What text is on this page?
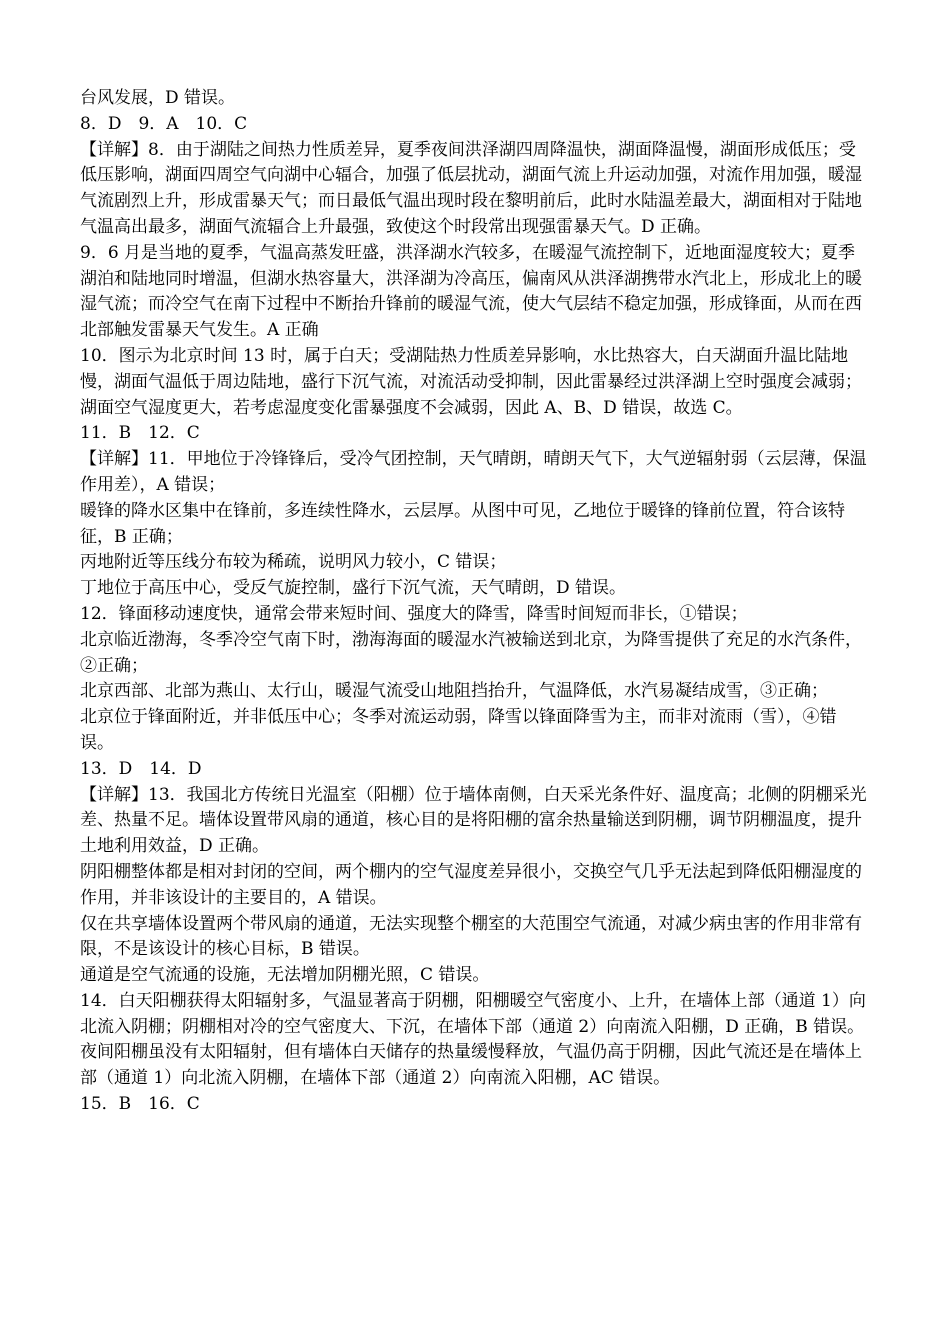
台风发展，D 错误。

8．D　9．A　10．C

【详解】8．由于湖陆之间热力性质差异，夏季夜间洪泽湖四周降温快，湖面降温慢，湖面形成低压；受低压影响，湖面四周空气向湖中心辐合，加强了低层扰动，湖面气流上升运动加强，对流作用加强，暖湿气流剧烈上升，形成雷暴天气；而日最低气温出现时段在黎明前后，此时水陆温差最大，湖面相对于陆地气温高出最多，湖面气流辐合上升最强，致使这个时段常出现强雷暴天气。D 正确。

9．6 月是当地的夏季，气温高蒸发旺盛，洪泽湖水汽较多，在暖湿气流控制下，近地面湿度较大；夏季湖泊和陆地同时增温，但湖水热容量大，洪泽湖为冷高压，偏南风从洪泽湖携带水汽北上，形成北上的暖湿气流；而冷空气在南下过程中不断抬升锋前的暖湿气流，使大气层结不稳定加强，形成锋面，从而在西北部触发雷暴天气发生。A 正确

10．图示为北京时间 13 时，属于白天；受湖陆热力性质差异影响，水比热容大，白天湖面升温比陆地慢，湖面气温低于周边陆地，盛行下沉气流，对流活动受抑制，因此雷暴经过洪泽湖上空时强度会减弱；湖面空气湿度更大，若考虑湿度变化雷暴强度不会减弱，因此 A、B、D 错误，故选 C。

11．B　12．C

【详解】11．甲地位于冷锋锋后，受冷气团控制，天气晴朗，晴朗天气下，大气逆辐射弱（云层薄，保温作用差），A 错误；

暖锋的降水区集中在锋前，多连续性降水，云层厚。从图中可见，乙地位于暖锋的锋前位置，符合该特征，B 正确；

丙地附近等压线分布较为稀疏，说明风力较小，C 错误；

丁地位于高压中心，受反气旋控制，盛行下沉气流，天气晴朗，D 错误。

12．锋面移动速度快，通常会带来短时间、强度大的降雪，降雪时间短而非长，①错误；

北京临近渤海，冬季冷空气南下时，渤海海面的暖湿水汽被输送到北京，为降雪提供了充足的水汽条件，②正确；

北京西部、北部为燕山、太行山，暖湿气流受山地阻挡抬升，气温降低，水汽易凝结成雪，③正确；

北京位于锋面附近，并非低压中心；冬季对流运动弱，降雪以锋面降雪为主，而非对流雨（雪），④错误。

13．D　14．D

【详解】13．我国北方传统日光温室（阳棚）位于墙体南侧，白天采光条件好、温度高；北侧的阴棚采光差、热量不足。墙体设置带风扇的通道，核心目的是将阳棚的富余热量输送到阴棚，调节阴棚温度，提升土地利用效益，D 正确。

阴阳棚整体都是相对封闭的空间，两个棚内的空气湿度差异很小，交换空气几乎无法起到降低阳棚湿度的作用，并非该设计的主要目的，A 错误。

仅在共享墙体设置两个带风扇的通道，无法实现整个棚室的大范围空气流通，对减少病虫害的作用非常有限，不是该设计的核心目标，B 错误。

通道是空气流通的设施，无法增加阴棚光照，C 错误。

14．白天阳棚获得太阳辐射多，气温显著高于阴棚，阳棚暖空气密度小、上升，在墙体上部（通道 1）向北流入阴棚；阴棚相对冷的空气密度大、下沉，在墙体下部（通道 2）向南流入阳棚，D 正确，B 错误。

夜间阳棚虽没有太阳辐射，但有墙体白天储存的热量缓慢释放，气温仍高于阴棚，因此气流还是在墙体上部（通道 1）向北流入阴棚，在墙体下部（通道 2）向南流入阳棚，AC 错误。

15．B　16．C
